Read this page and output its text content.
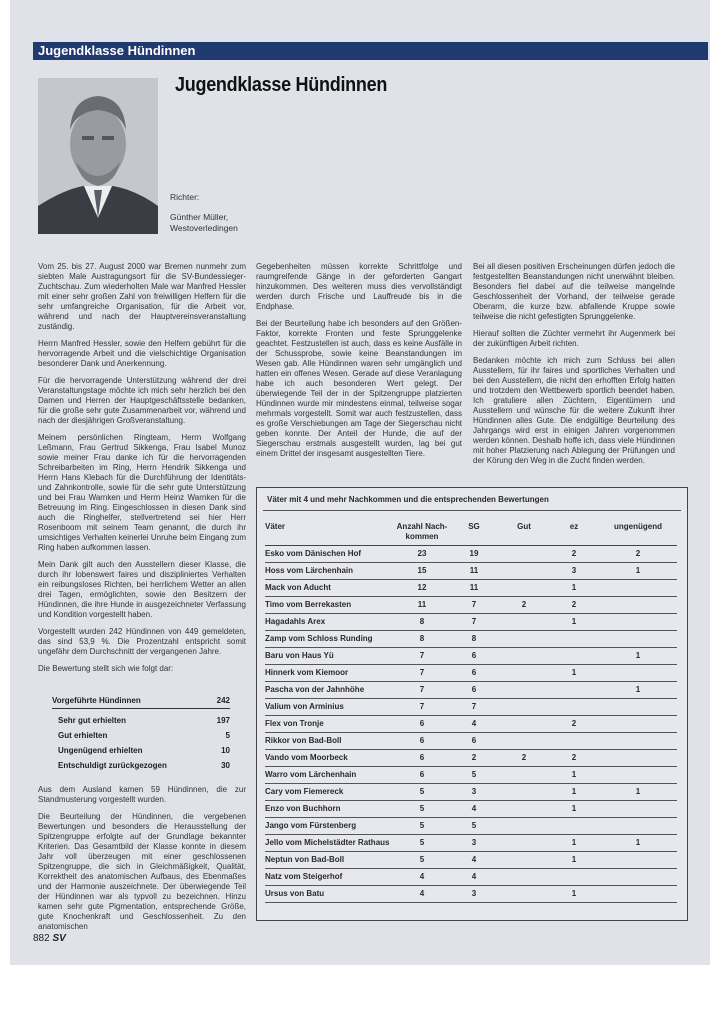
Jugendklasse Hündinnen
Jugendklasse Hündinnen
Richter:
Günther Müller,
Westoverledingen

Vom 25. bis 27. August 2000 war Bremen nunmehr zum siebten Male Austragungsort für die SV-Bundessieger-Zuchtschau. Zum wiederholten Male war Manfred Hessler mit einer sehr großen Zahl von freiwilligen Helfern für die sehr umfangreiche Organisation, für die Arbeit vor, während und nach der Hauptvereinsveranstaltung zuständig.

Herrn Manfred Hessler, sowie den Helfern gebührt für die hervorragende Arbeit und die vielschichtige Organisation besonderer Dank und Anerkennung.

Für die hervorragende Unterstützung während der drei Veranstaltungstage möchte ich mich sehr herzlich bei den Damen und Herren der Hauptgeschäftsstelle bedanken, für die große sehr gute Zusammenarbeit vor, während und nach der diesjährigen Großveranstaltung.

Meinem persönlichen Ringteam, Herrn Wolfgang Leßmann, Frau Gertrud Sikkenga, Frau Isabel Munoz sowie meiner Frau danke ich für die hervorragenden Schreibarbeiten im Ring, Herrn Hendrik Sikkenga und Herrn Hans Klebach für die Durchführung der Identitäts- und Zahnkontrolle, sowie für die sehr gute Unterstützung und bei Frau Warnken und Herrn Heinz Warnken für die Betreuung im Ring. Eingeschlossen in diesen Dank sind auch die Ringhelfer, stellvertretend sei hier Herr Rosenboom mit seinem Team genannt, die durch ihr umsichtiges Verhalten keinerlei Unruhe beim Eingang zum Ring haben aufkommen lassen.

Mein Dank gilt auch den Ausstellern dieser Klasse, die durch ihr lobenswert faires und diszipliniertes Verhalten ein reibungsloses Richten, bei herrlichem Wetter an allen drei Tagen, ermöglichten, sowie den Besitzern der Hündinnen, die ihre Hunde in ausgezeichneter Verfassung und Kondition vorgestellt haben.

Vorgestellt wurden 242 Hündinnen von 449 gemeldeten, das sind 53,9 %. Die Prozentzahl entspricht somit ungefähr dem Durchschnitt der vergangenen Jahre.

Die Bewertung stellt sich wie folgt dar:

Vorgeführte Hündinnen	242
Sehr gut erhielten	197
Gut erhielten	5
Ungenügend erhielten	10
Entschuldigt zurückgezogen	30

Aus dem Ausland kamen 59 Hündinnen, die zur Standmusterung vorgestellt wurden.

Die Beurteilung der Hündinnen, die vergebenen Bewertungen und besonders die Herausstellung der Spitzengruppe erfolgte auf der Grundlage bekannter Kriterien. Das Gesamtbild der Klasse konnte in diesem Jahr voll überzeugen mit einer geschlossenen Spitzengruppe, die sich in Gleichmäßigkeit, Qualität, Korrektheit des anatomischen Aufbaus, des Ebenmaßes und der Harmonie auszeichnete. Der überwiegende Teil der Hündinnen war als typvoll zu bezeichnen. Hinzu kamen sehr gute Pigmentation, entsprechende Größe, gute Knochenkraft und Geschlossenheit. Zu den anatomischen

Gegebenheiten müssen korrekte Schrittfolge und raumgreifende Gänge in der geforderten Gangart hinzukommen. Des weiteren muss dies vervollständigt werden durch Frische und Lauffreude bis in die Endphase.

Bei der Beurteilung habe ich besonders auf den Größen-Faktor, korrekte Fronten und feste Sprunggelenke geachtet. Festzustellen ist auch, dass es keine Ausfälle in der Schussprobe, sowie keine Beanstandungen im Wesen gab. Alle Hündinnen waren sehr umgänglich und hatten ein offenes Wesen. Gerade auf diese Veranlagung habe ich auch besonderen Wert gelegt. Der überwiegende Teil der in der Spitzengruppe platzierten Hündinnen wurde mir mindestens einmal, teilweise sogar mehrmals vorgestellt. Somit war auch festzustellen, dass es große Verschiebungen am Tage der Siegerschau nicht geben konnte. Der Anteil der Hunde, die auf der Siegerschau erstmals ausgestellt wurden, lag bei gut einem Drittel der insgesamt ausgestellten Tiere.

Bei all diesen positiven Erscheinungen dürfen jedoch die festgestellten Beanstandungen nicht unerwähnt bleiben. Besonders fiel dabei auf die teilweise mangelnde Geschlossenheit der Vorhand, der teilweise gerade Oberarm, die kurze bzw. abfallende Kruppe sowie teilweise die nicht gefestigten Sprunggelenke.

Hierauf sollten die Züchter vermehrt ihr Augenmerk bei der zukünftigen Arbeit richten.

Bedanken möchte ich mich zum Schluss bei allen Ausstellern, für ihr faires und sportliches Verhalten und bei den Ausstellern, die nicht den erhofften Erfolg hatten und trotzdem den Wettbewerb sportlich beendet haben. Ich gratuliere allen Züchtern, Eigentümern und Ausstellern und wünsche für die weitere Zukunft ihrer Hündinnen alles Gute. Die endgültige Beurteilung des Jahrgangs wird erst in einigen Jahren vorgenommen werden können. Deshalb hoffe ich, dass viele Hündinnen mit hoher Platzierung nach Ablegung der Prüfungen und der Körung den Weg in die Zucht finden werden.

Väter mit 4 und mehr Nachkommen und die entsprechenden Bewertungen
Väter	Anzahl Nach-kommen	SG	Gut	ez	ungenügend
Esko vom Dänischen Hof	23	19		2	2
Hoss vom Lärchenhain	15	11		3	1
Mack von Aducht	12	11		1	
Timo vom Berrekasten	11	7	2	2	
Hagadahls Arex	8	7		1	
Zamp vom Schloss Runding	8	8			
Baru von Haus Yü	7	6			1
Hinnerk vom Kiemoor	7	6		1	
Pascha von der Jahnhöhe	7	6			1
Valium von Arminius	7	7			
Flex von Tronje	6	4		2	
Rikkor von Bad-Boll	6	6			
Vando vom Moorbeck	6	2	2	2	
Warro vom Lärchenhain	6	5		1	
Cary vom Fiemereck	5	3		1	1
Enzo von Buchhorn	5	4		1	
Jango vom Fürstenberg	5	5			
Jello vom Michelstädter Rathaus	5	3		1	1
Neptun von Bad-Boll	5	4		1	
Natz vom Steigerhof	4	4			
Ursus von Batu	4	3		1	
882 SV
